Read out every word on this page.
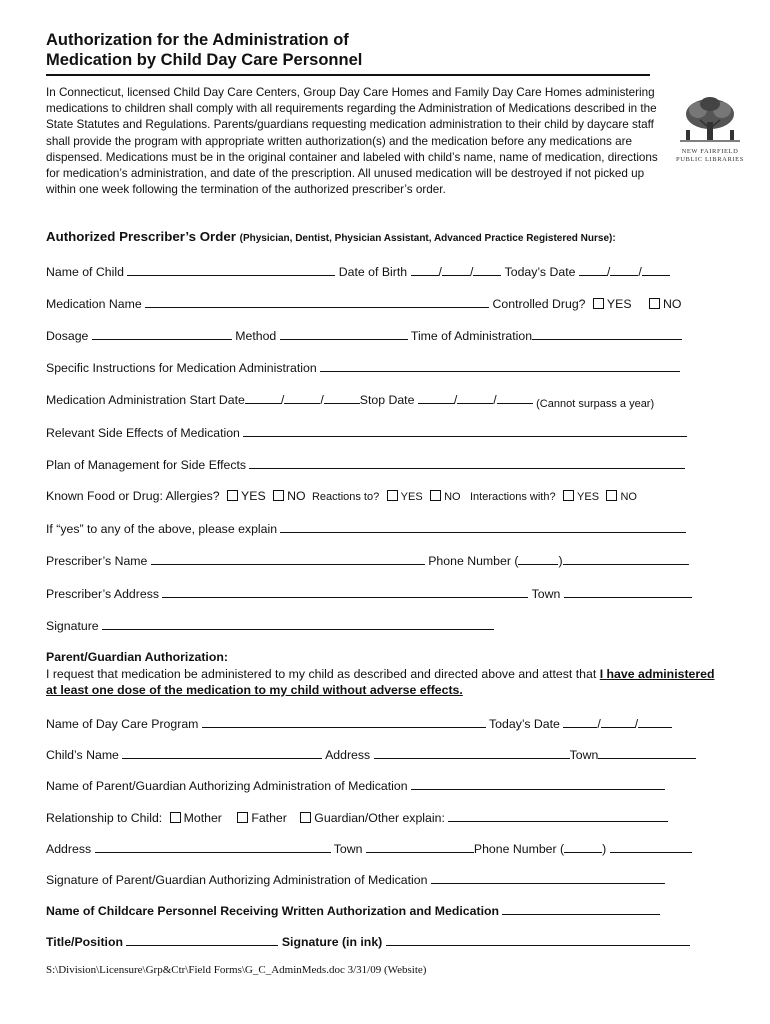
Authorization for the Administration of
Medication by Child Day Care Personnel
In Connecticut, licensed Child Day Care Centers, Group Day Care Homes and Family Day Care Homes administering medications to children shall comply with all requirements regarding the Administration of Medications described in the State Statutes and Regulations. Parents/guardians requesting medication administration to their child by daycare staff shall provide the program with appropriate written authorization(s) and the medication before any medications are dispensed. Medications must be in the original container and labeled with child’s name, name of medication, directions for medication’s administration, and date of the prescription. All unused medication will be destroyed if not picked up within one week following the termination of the authorized prescriber’s order.
NEW FAIRFIELD
PUBLIC LIBRARIES
Authorized Prescriber’s Order (Physician, Dentist, Physician Assistant, Advanced Practice Registered Nurse):
Name of Child	Date of Birth	/ /	Today’s Date	/ /
Medication Name	Controlled Drug? YES	NO
Dosage	Method	Time of Administration
Specific Instructions for Medication Administration
Medication Administration Start Date	/	/	Stop Date	/	/	(Cannot surpass a year)
Relevant Side Effects of Medication
Plan of Management for Side Effects
Known Food or Drug: Allergies? YES NO Reactions to? YES NO Interactions with? YES NO
If “yes” to any of the above, please explain
Prescriber’s Name	Phone Number (	)
Prescriber’s Address	Town
Signature
Parent/Guardian Authorization:
I request that medication be administered to my child as described and directed above and attest that I have administered at least one dose of the medication to my child without adverse effects.
Name of Day Care Program	Today’s Date	/	/
Child’s Name	Address	Town
Name of Parent/Guardian Authorizing Administration of Medication
Relationship to Child: Mother Father Guardian/Other explain:
Address	Town	Phone Number (	)
Signature of Parent/Guardian Authorizing Administration of Medication
Name of Childcare Personnel Receiving Written Authorization and Medication
Title/Position	Signature (in ink)
S:\Division\Licensure\Grp&Ctr\Field Forms\G_C_AdminMeds.doc 3/31/09 (Website)
